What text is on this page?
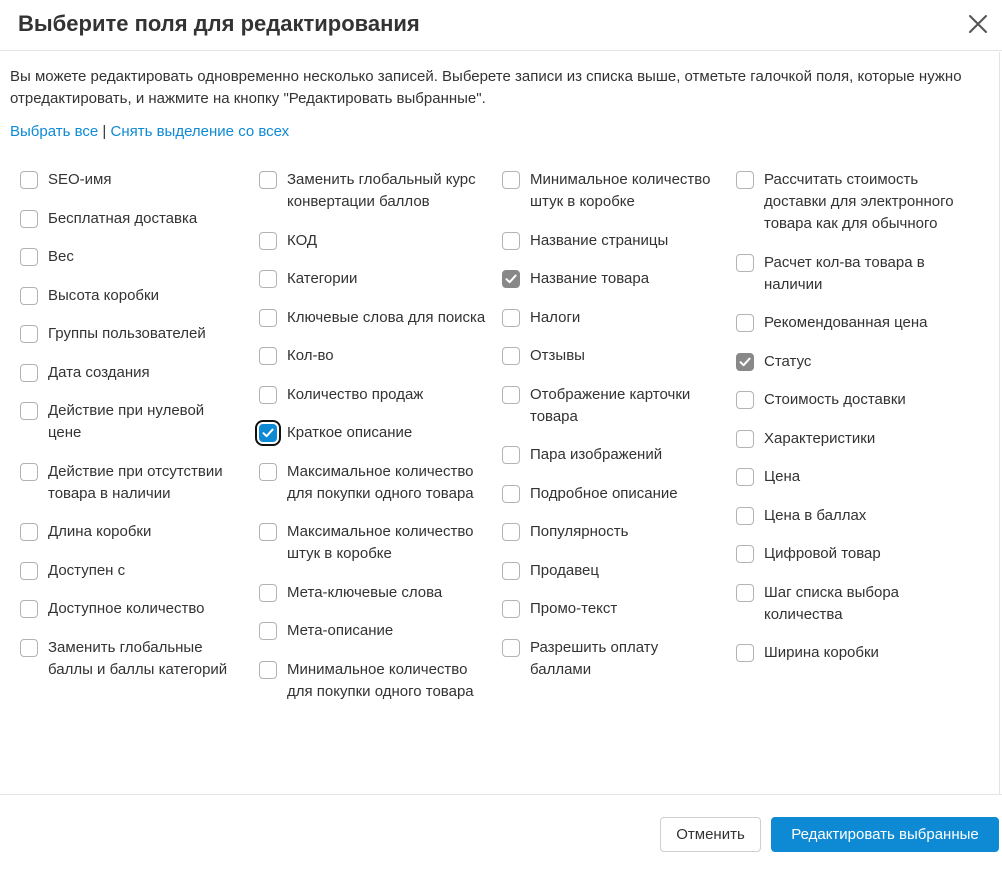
Выберите поля для редактирования
Вы можете редактировать одновременно несколько записей. Выберете записи из списка выше, отметьте галочкой поля, которые нужно отредактировать, и нажмите на кнопку "Редактировать выбранные".
Выбрать все | Снять выделение со всех
SEO-имя
Бесплатная доставка
Вес
Высота коробки
Группы пользователей
Дата создания
Действие при нулевой цене
Действие при отсутствии товара в наличии
Длина коробки
Доступен с
Доступное количество
Заменить глобальные баллы и баллы категорий
Заменить глобальный курс конвертации баллов
КОД
Категории
Ключевые слова для поиска
Кол-во
Количество продаж
Краткое описание
Максимальное количество для покупки одного товара
Максимальное количество штук в коробке
Мета-ключевые слова
Мета-описание
Минимальное количество для покупки одного товара
Минимальное количество штук в коробке
Название страницы
Название товара
Налоги
Отзывы
Отображение карточки товара
Пара изображений
Подробное описание
Популярность
Продавец
Промо-текст
Разрешить оплату баллами
Рассчитать стоимость доставки для электронного товара как для обычного
Расчет кол-ва товара в наличии
Рекомендованная цена
Статус
Стоимость доставки
Характеристики
Цена
Цена в баллах
Цифровой товар
Шаг списка выбора количества
Ширина коробки
Отменить	Редактировать выбранные
